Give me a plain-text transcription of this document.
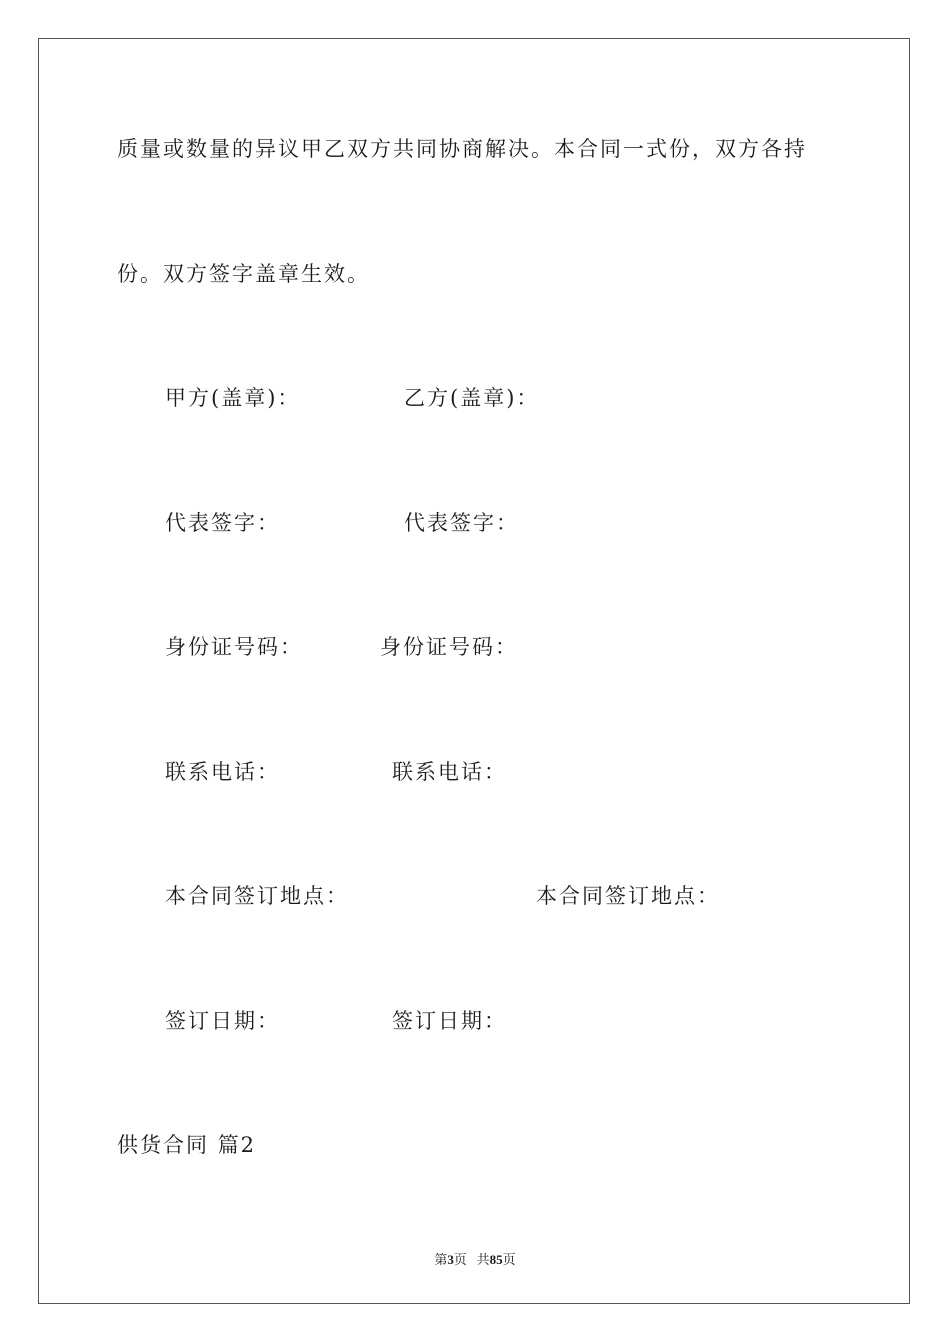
质量或数量的异议甲乙双方共同协商解决。本合同一式份，双方各持
份。双方签字盖章生效。
甲方(盖章)：	乙方(盖章)：
代表签字：	代表签字：
身份证号码：	身份证号码：
联系电话：	联系电话：
本合同签订地点：	本合同签订地点：
签订日期：	签订日期：
供货合同 篇2
第3页 共85页
